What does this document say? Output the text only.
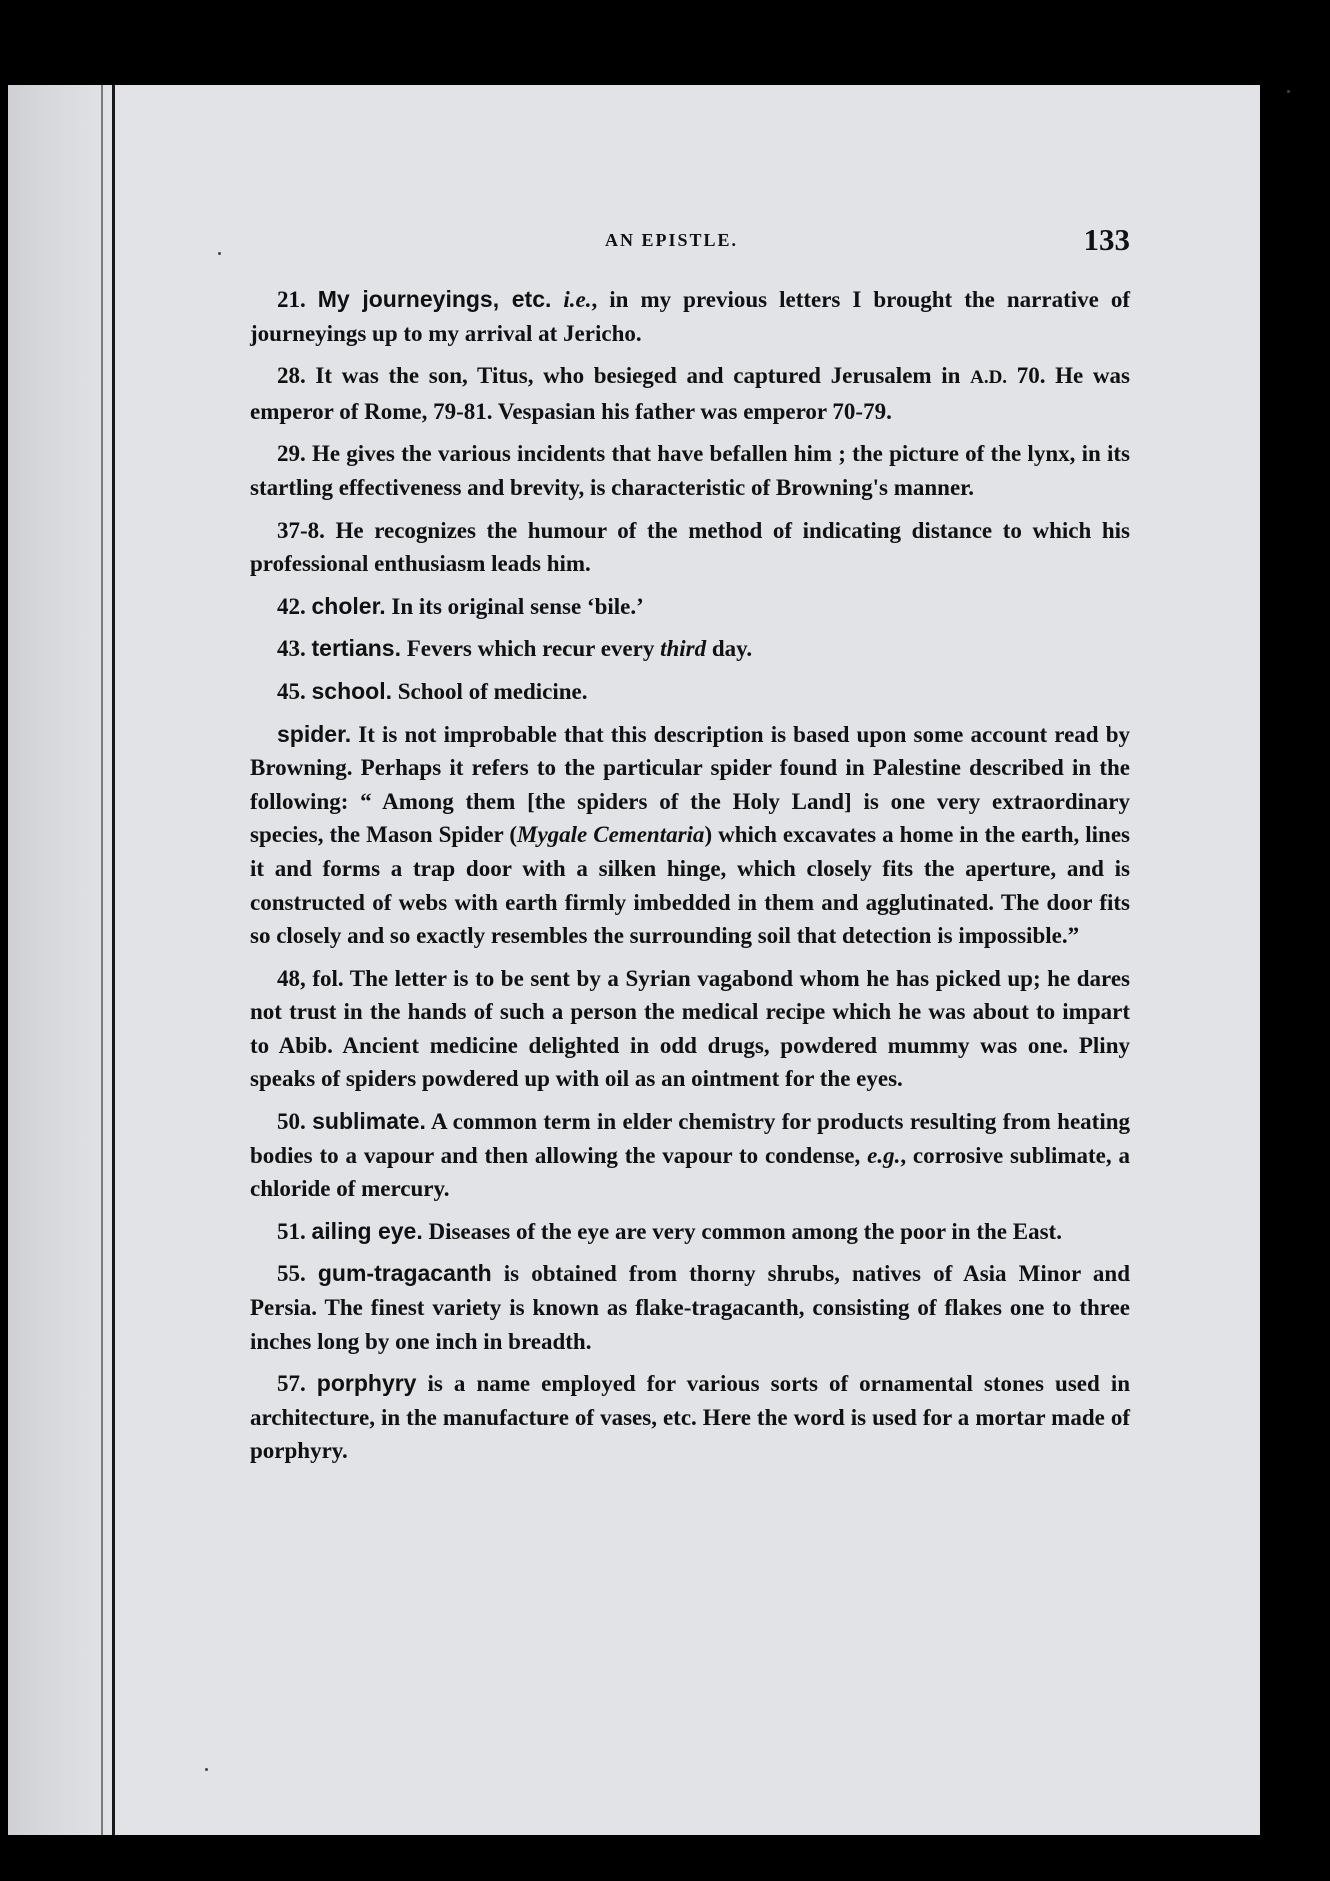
AN EPISTLE.	133

21. My journeyings, etc. i.e., in my previous letters I brought the narrative of journeyings up to my arrival at Jericho.

28. It was the son, Titus, who besieged and captured Jerusalem in A.D. 70. He was emperor of Rome, 79-81. Vespasian his father was emperor 70-79.

29. He gives the various incidents that have befallen him ; the picture of the lynx, in its startling effectiveness and brevity, is characteristic of Browning's manner.

37-8. He recognizes the humour of the method of indicating distance to which his professional enthusiasm leads him.

42. choler. In its original sense ‘bile.’

43. tertians. Fevers which recur every third day.

45. school. School of medicine.

spider. It is not improbable that this description is based upon some account read by Browning. Perhaps it refers to the particular spider found in Palestine described in the following: “ Among them [the spiders of the Holy Land] is one very extraordinary species, the Mason Spider (Mygale Cementaria) which excavates a home in the earth, lines it and forms a trap door with a silken hinge, which closely fits the aperture, and is constructed of webs with earth firmly imbedded in them and agglutinated. The door fits so closely and so exactly resembles the surrounding soil that detection is impossible.”

48, fol. The letter is to be sent by a Syrian vagabond whom he has picked up; he dares not trust in the hands of such a person the medical recipe which he was about to impart to Abib. Ancient medicine delighted in odd drugs, powdered mummy was one. Pliny speaks of spiders powdered up with oil as an ointment for the eyes.

50. sublimate. A common term in elder chemistry for products resulting from heating bodies to a vapour and then allowing the vapour to condense, e.g., corrosive sublimate, a chloride of mercury.

51. ailing eye. Diseases of the eye are very common among the poor in the East.

55. gum-tragacanth is obtained from thorny shrubs, natives of Asia Minor and Persia. The finest variety is known as flake-tragacanth, consisting of flakes one to three inches long by one inch in breadth.

57. porphyry is a name employed for various sorts of ornamental stones used in architecture, in the manufacture of vases, etc. Here the word is used for a mortar made of porphyry.
